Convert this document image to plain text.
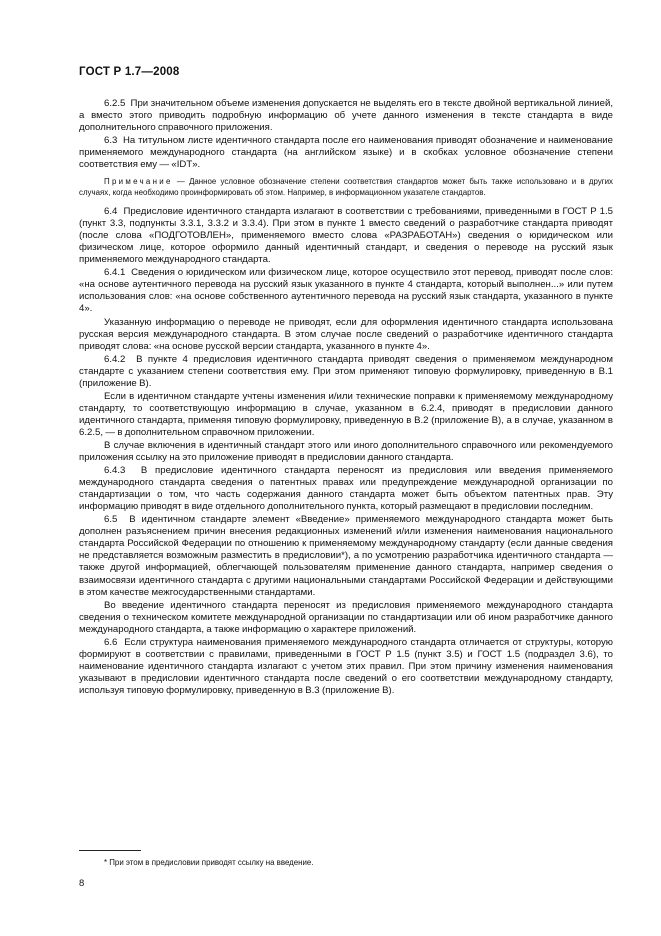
ГОСТ Р 1.7—2008

6.2.5  При значительном объеме изменения допускается не выделять его в тексте двойной вертикальной линией, а вместо этого приводить подробную информацию об учете данного изменения в тексте стандарта в виде дополнительного справочного приложения.

6.3  На титульном листе идентичного стандарта после его наименования приводят обозначение и наименование применяемого международного стандарта (на английском языке) и в скобках условное обозначение степени соответствия ему — «IDT».

Примечание — Данное условное обозначение степени соответствия стандартов может быть также использовано и в других случаях, когда необходимо проинформировать об этом. Например, в информационном указателе стандартов.

6.4  Предисловие идентичного стандарта излагают в соответствии с требованиями, приведенными в ГОСТ Р 1.5 (пункт 3.3, подпункты 3.3.1, 3.3.2 и 3.3.4). При этом в пункте 1 вместо сведений о разработчике стандарта приводят (после слова «ПОДГОТОВЛЕН», применяемого вместо слова «РАЗРАБОТАН») сведения о юридическом или физическом лице, которое оформило данный идентичный стандарт, и сведения о переводе на русский язык применяемого международного стандарта.

6.4.1  Сведения о юридическом или физическом лице, которое осуществило этот перевод, приводят после слов: «на основе аутентичного перевода на русский язык указанного в пункте 4 стандарта, который выполнен...» или путем использования слов: «на основе собственного аутентичного перевода на русский язык стандарта, указанного в пункте 4».

Указанную информацию о переводе не приводят, если для оформления идентичного стандарта использована русская версия международного стандарта. В этом случае после сведений о разработчике идентичного стандарта приводят слова: «на основе русской версии стандарта, указанного в пункте 4».

6.4.2  В пункте 4 предисловия идентичного стандарта приводят сведения о применяемом международном стандарте с указанием степени соответствия ему. При этом применяют типовую формулировку, приведенную в В.1 (приложение В).

Если в идентичном стандарте учтены изменения и/или технические поправки к применяемому международному стандарту, то соответствующую информацию в случае, указанном в 6.2.4, приводят в предисловии данного идентичного стандарта, применяя типовую формулировку, приведенную в В.2 (приложение В), а в случае, указанном в 6.2.5, — в дополнительном справочном приложении.

В случае включения в идентичный стандарт этого или иного дополнительного справочного или рекомендуемого приложения ссылку на это приложение приводят в предисловии данного стандарта.

6.4.3  В предисловие идентичного стандарта переносят из предисловия или введения применяемого международного стандарта сведения о патентных правах или предупреждение международной организации по стандартизации о том, что часть содержания данного стандарта может быть объектом патентных прав. Эту информацию приводят в виде отдельного дополнительного пункта, который размещают в предисловии последним.

6.5  В идентичном стандарте элемент «Введение» применяемого международного стандарта может быть дополнен разъяснением причин внесения редакционных изменений и/или изменения наименования национального стандарта Российской Федерации по отношению к применяемому международному стандарту (если данные сведения не представляется возможным разместить в предисловии*), а по усмотрению разработчика идентичного стандарта — также другой информацией, облегчающей пользователям применение данного стандарта, например сведения о взаимосвязи идентичного стандарта с другими национальными стандартами Российской Федерации и действующими в этом качестве межгосударственными стандартами.

Во введение идентичного стандарта переносят из предисловия применяемого международного стандарта сведения о техническом комитете международной организации по стандартизации или об ином разработчике данного международного стандарта, а также информацию о характере приложений.

6.6  Если структура наименования применяемого международного стандарта отличается от структуры, которую формируют в соответствии с правилами, приведенными в ГОСТ Р 1.5 (пункт 3.5) и ГОСТ 1.5 (подраздел 3.6), то наименование идентичного стандарта излагают с учетом этих правил. При этом причину изменения наименования указывают в предисловии идентичного стандарта после сведений о его соответствии международному стандарту, используя типовую формулировку, приведенную в В.3 (приложение В).

* При этом в предисловии приводят ссылку на введение.
8
